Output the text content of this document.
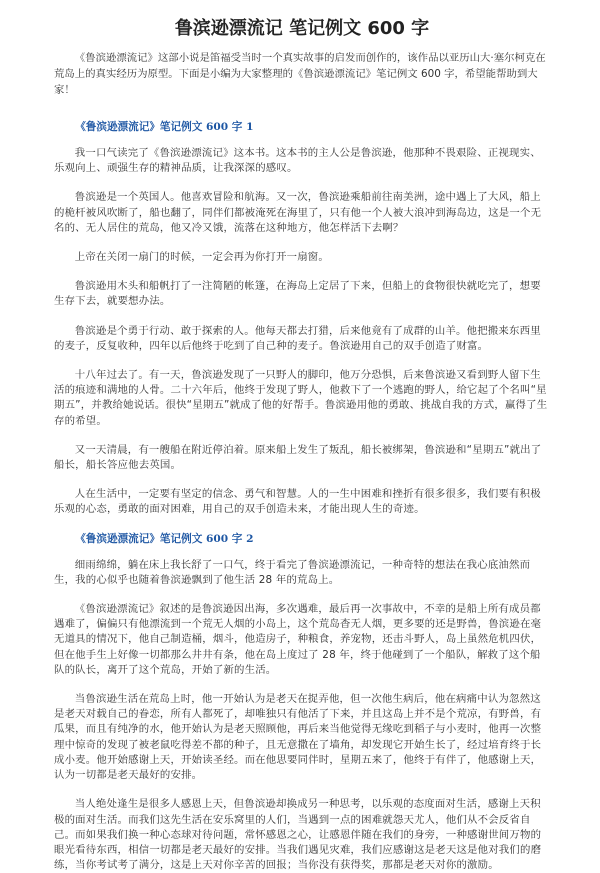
鲁滨逊漂流记 笔记例文 600 字

《鲁滨逊漂流记》这部小说是笛福受当时一个真实故事的启发而创作的，该作品以亚历山大·塞尔柯克在荒岛上的真实经历为原型。下面是小编为大家整理的《鲁滨逊漂流记》笔记例文 600 字，希望能帮助到大家！

《鲁滨逊漂流记》笔记例文 600 字 1

我一口气读完了《鲁滨逊漂流记》这本书。这本书的主人公是鲁滨逊，他那种不畏艰险、正视现实、乐观向上、顽强生存的精神品质，让我深深的感叹。

鲁滨逊是一个英国人。他喜欢冒险和航海。又一次，鲁滨逊乘船前往南美洲，途中遇上了大风，船上的桅杆被风吹断了，船也翻了，同伴们都被淹死在海里了，只有他一个人被大浪冲到海岛边，这是一个无名的、无人居住的荒岛，他又冷又饿，流落在这种地方，他怎样活下去啊？

上帝在关闭一扇门的时候，一定会再为你打开一扇窗。

鲁滨逊用木头和船帆打了一注简陋的帐篷，在海岛上定居了下来，但船上的食物很快就吃完了，想要生存下去，就要想办法。

鲁滨逊是个勇于行动、敢于探索的人。他每天都去打猎，后来他竟有了成群的山羊。他把搬来东西里的麦子，反复收种，四年以后他终于吃到了自己种的麦子。鲁滨逊用自己的双手创造了财富。

十八年过去了。有一天，鲁滨逊发现了一只野人的脚印，他万分恐惧，后来鲁滨逊又看到野人留下生活的痕迹和满地的人骨。二十六年后，他终于发现了野人，他救下了一个逃跑的野人，给它起了个名叫“星期五”，并教给她说话。很快“星期五”就成了他的好帮手。鲁滨逊用他的勇敢、挑战自我的方式，赢得了生存的希望。

又一天清晨，有一艘船在附近停泊着。原来船上发生了叛乱，船长被绑架，鲁滨逊和“星期五”就出了船长，船长答应他去英国。

人在生活中，一定要有坚定的信念、勇气和智慧。人的一生中困难和挫折有很多很多，我们要有积极乐观的心态，勇敢的面对困难，用自己的双手创造未来，才能出现人生的奇迹。

《鲁滨逊漂流记》笔记例文 600 字 2

细雨绵绵，躺在床上我长舒了一口气，终于看完了鲁滨逊漂流记，一种奇特的想法在我心底油然而生，我的心似乎也随着鲁滨逊飘到了他生活 28 年的荒岛上。

《鲁滨逊漂流记》叙述的是鲁滨逊因出海，多次遇难，最后再一次事故中，不幸的是船上所有成员都遇难了，偏偏只有他漂流到一个荒无人烟的小岛上，这个荒岛杳无人烟，更多要的还是野兽，鲁滨逊在毫无道具的情况下，他自己制造桶，烟斗，他造房子，种粮食，养宠物，还击斗野人，岛上虽然危机四伏，但在他手生上好像一切都那么井井有条，他在岛上度过了 28 年，终于他碰到了一个船队，解救了这个船队的队长，离开了这个荒岛，开始了新的生活。

当鲁滨逊生活在荒岛上时，他一开始认为是老天在捉弄他，但一次他生病后，他在病痛中认为忽然这是老天对载自己的眷恋，所有人都死了，却唯独只有他活了下来，并且这岛上并不是个荒凉，有野兽，有瓜果，而且有纯净的水，他开始认为是老天照顾他，再后来当他觉得无缘吃到稻子与小麦时，他再一次整理中惊奇的发现了被老鼠吃得差不都的种子，且无意撒在了墙角，却发现它开始生长了，经过培育终于长成小麦。他开始感谢上天，开始读圣经。而在他思要同伴时，星期五来了，他终于有伴了，他感谢上天，认为一切都是老天最好的安排。

当人绝处逢生是很多人感恩上天，但鲁滨逊却换成另一种思考，以乐观的态度面对生活，感谢上天积极的面对生活。而我们这先生活在安乐窝里的人们，当遇到一点的困难就怨天尤人，他们从不会反省自己。而如果我们换一种心态球对待问题，常怀感恩之心，让感恩伴随在我们的身旁，一种感谢世间万物的眼光看待东西，相信一切都是老天最好的安排。当我们遇见灾难，我们应感谢这是老天这是他对我们的磨练，当你考试考了满分，这是上天对你辛苦的回报；当你没有获得奖，那都是老天对你的激励。
